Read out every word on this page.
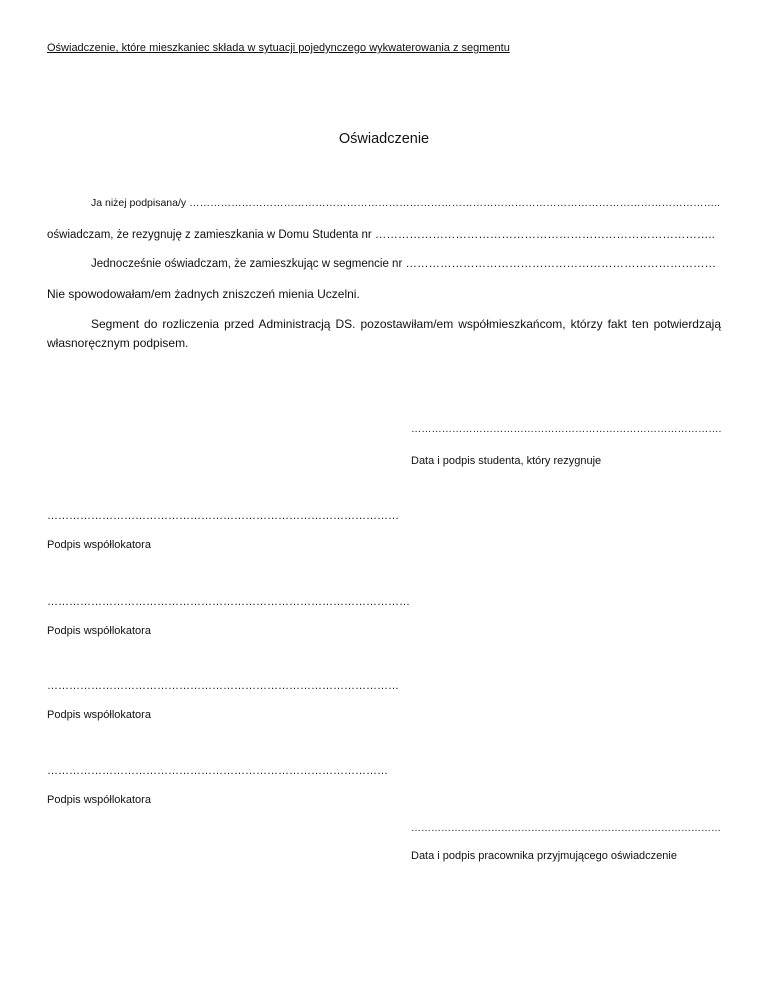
Oświadczenie, które mieszkaniec składa w sytuacji pojedynczego wykwaterowania z segmentu
Oświadczenie
Ja niżej podpisana/y ……………………………………………………………………………………………………………………………………..
oświadczam, że rezygnuję z zamieszkania w Domu Studenta nr ……………………………………………………………………………..
Jednocześnie oświadczam, że zamieszkując w segmencie nr ………………………………………………………………………
Nie spowodowałam/em żadnych zniszczeń mienia Uczelni.
Segment do rozliczenia przed Administracją DS. pozostawiłam/em współmieszkańcom, którzy fakt ten potwierdzają własnoręcznym podpisem.
……………………………………………………………………………….
Data i podpis studenta, który rezygnuje
……………………………………………………………………………………
Podpis współlokatora
………………………………………………………………………………………
Podpis współlokatora
……………………………………………………………………………………
Podpis współlokatora
…………………………………………………………………………………
Podpis współlokatora
…………………………………………………………………………………
Data i podpis pracownika przyjmującego oświadczenie
